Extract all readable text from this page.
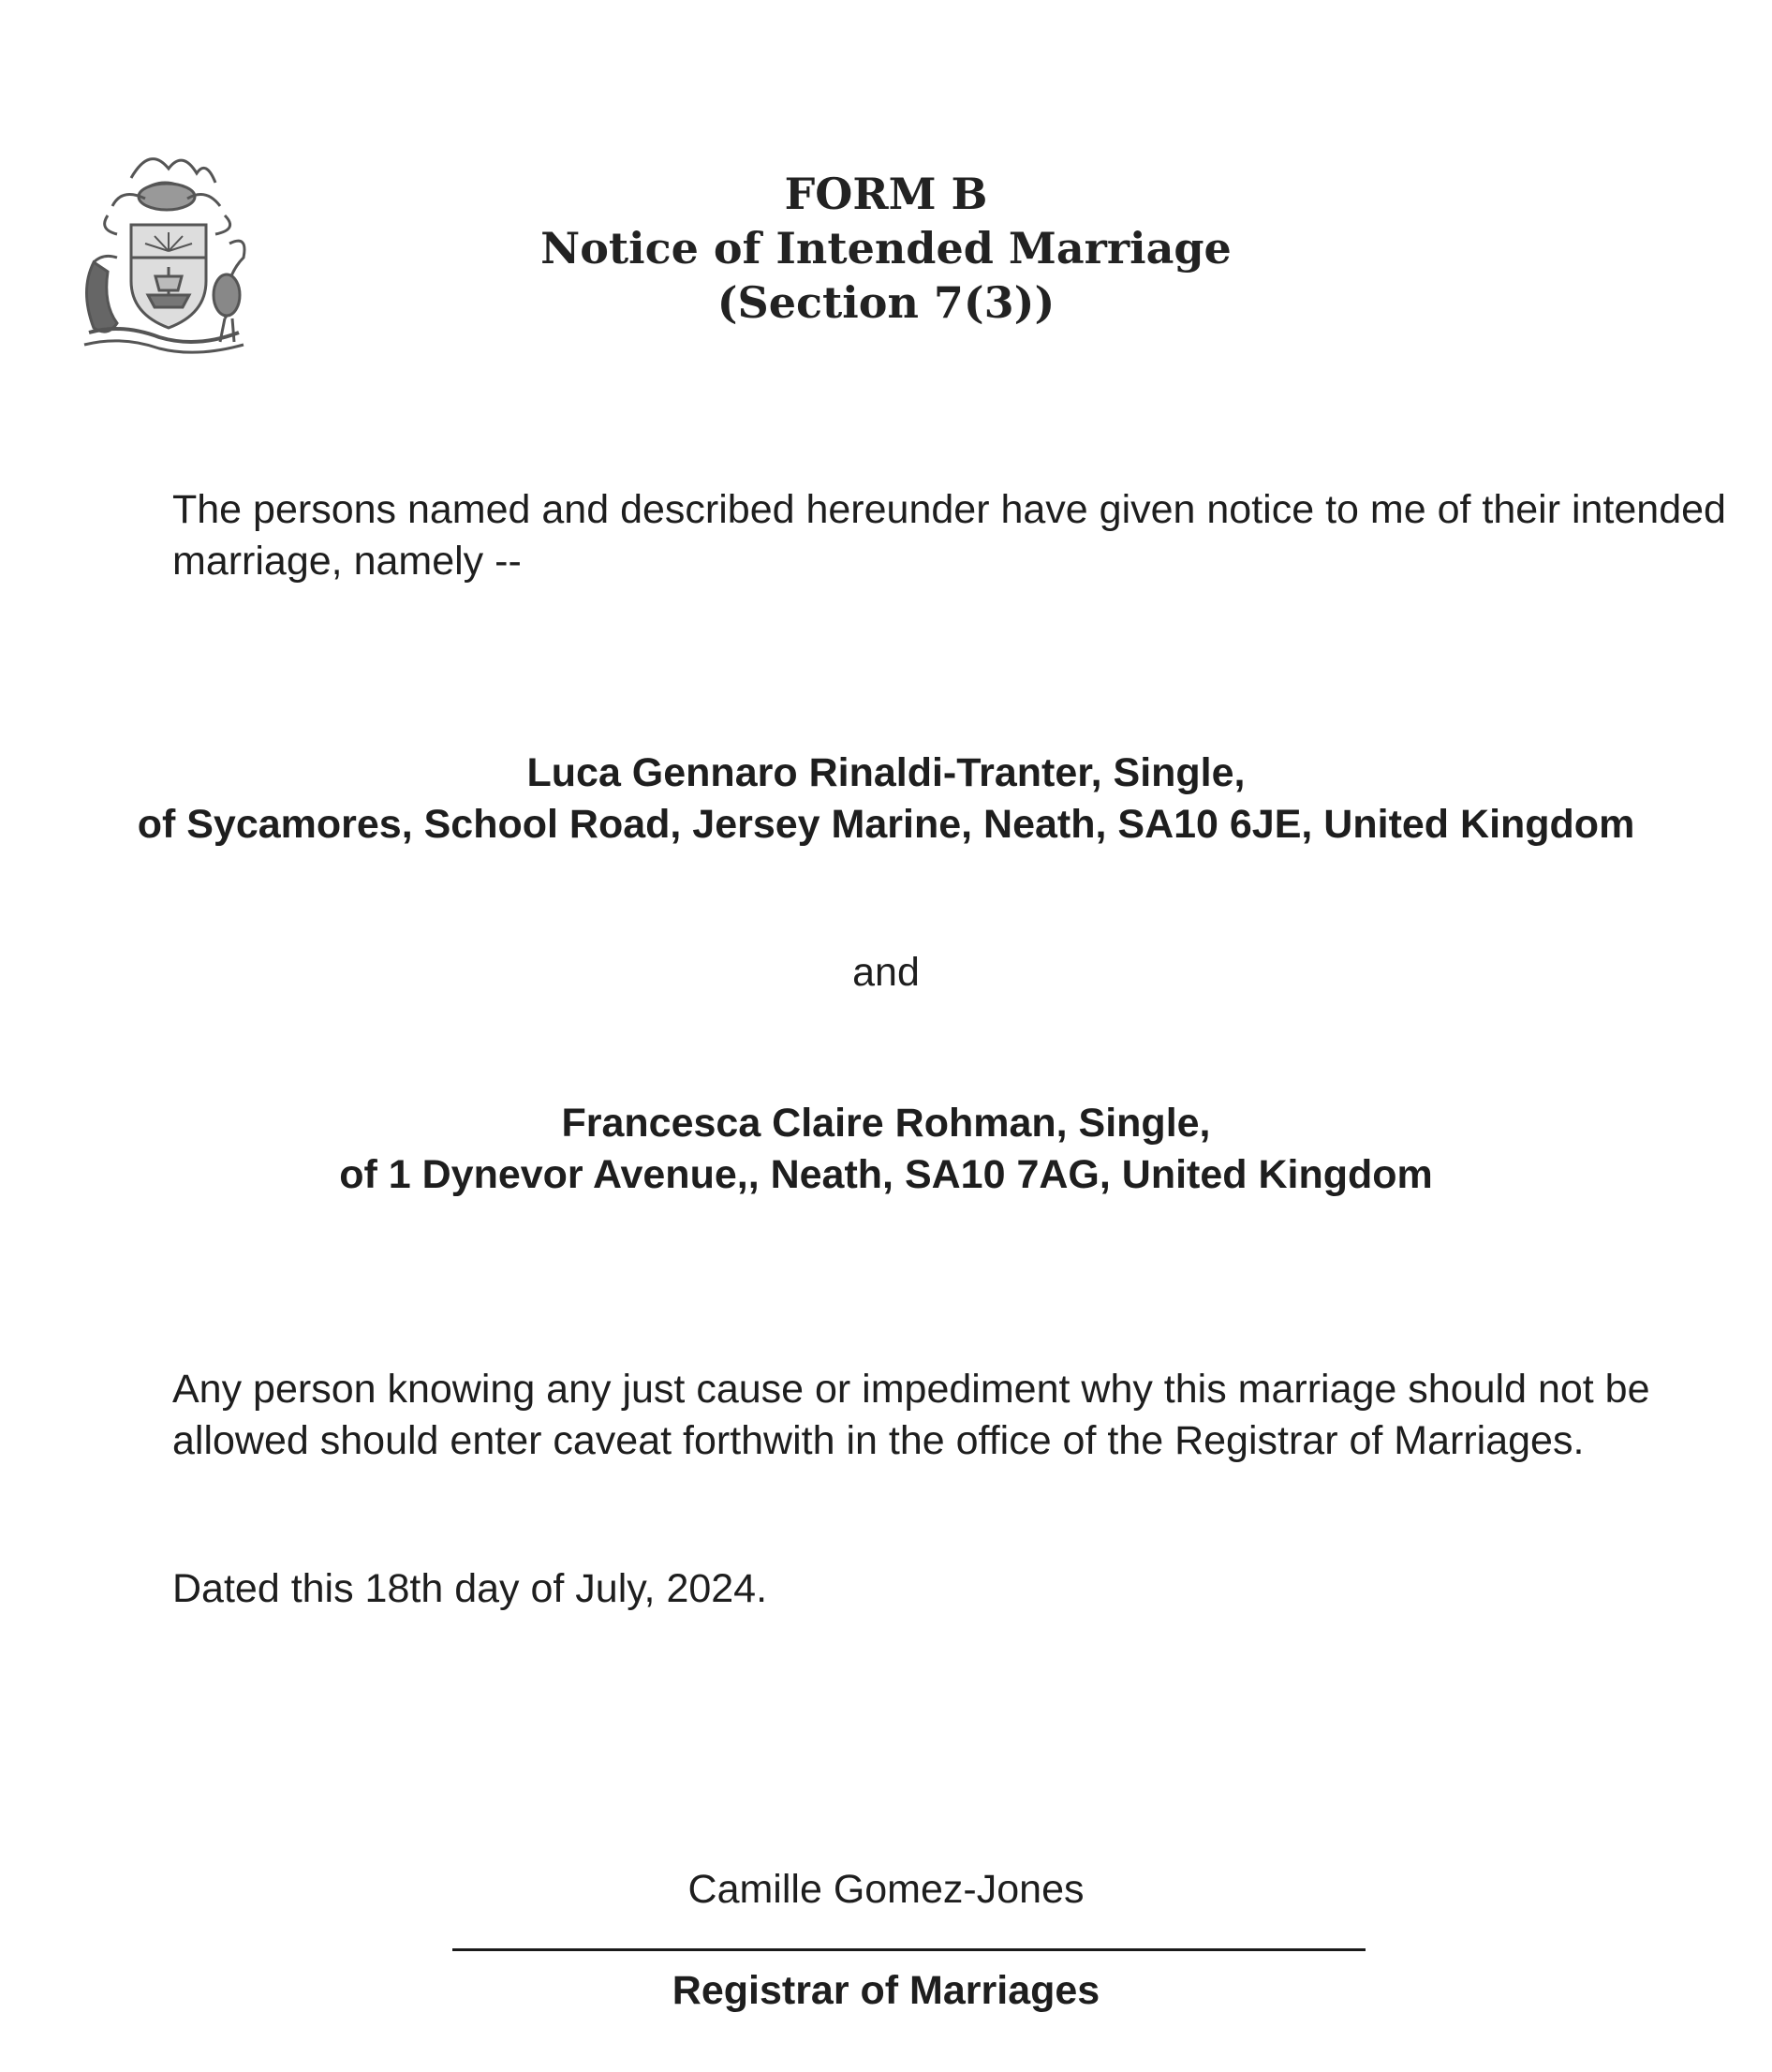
FORM B
Notice of Intended Marriage
(Section 7(3))
The persons named and described hereunder have given notice to me of their intended marriage, namely --
Luca Gennaro Rinaldi-Tranter, Single,
of Sycamores, School Road, Jersey Marine, Neath, SA10 6JE, United Kingdom
and
Francesca Claire Rohman, Single,
of 1 Dynevor Avenue,, Neath, SA10 7AG, United Kingdom
Any person knowing any just cause or impediment why this marriage should not be allowed should enter caveat forthwith in the office of the Registrar of Marriages.
Dated this 18th day of July, 2024.
Camille Gomez-Jones
Registrar of Marriages
